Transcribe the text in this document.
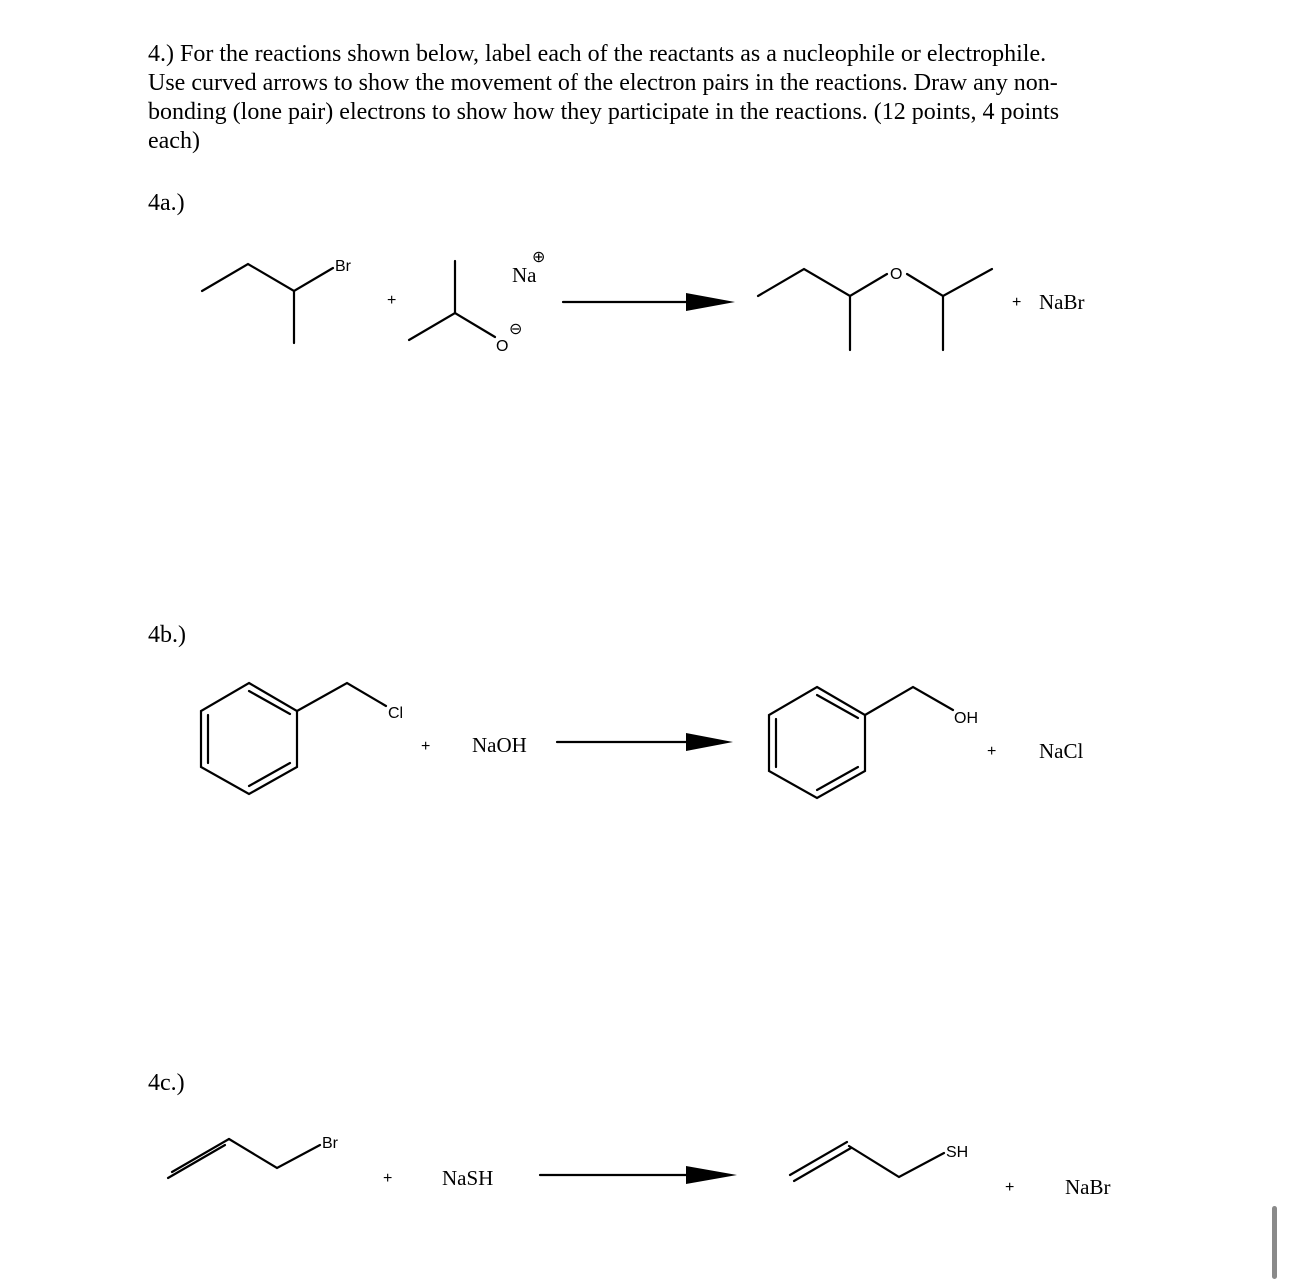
4.) For the reactions shown below, label each of the reactants as a nucleophile or electrophile.
Use curved arrows to show the movement of the electron pairs in the reactions. Draw any non-
bonding (lone pair) electrons to show how they participate in the reactions. (12 points, 4 points
each)

4a.)
4b.)
4c.)
Br
+
O
⊖
Na
⊕
O
+ NaBr
Cl
+ NaOH
OH
+ NaCl
Br
+ NaSH
SH
+ NaBr
